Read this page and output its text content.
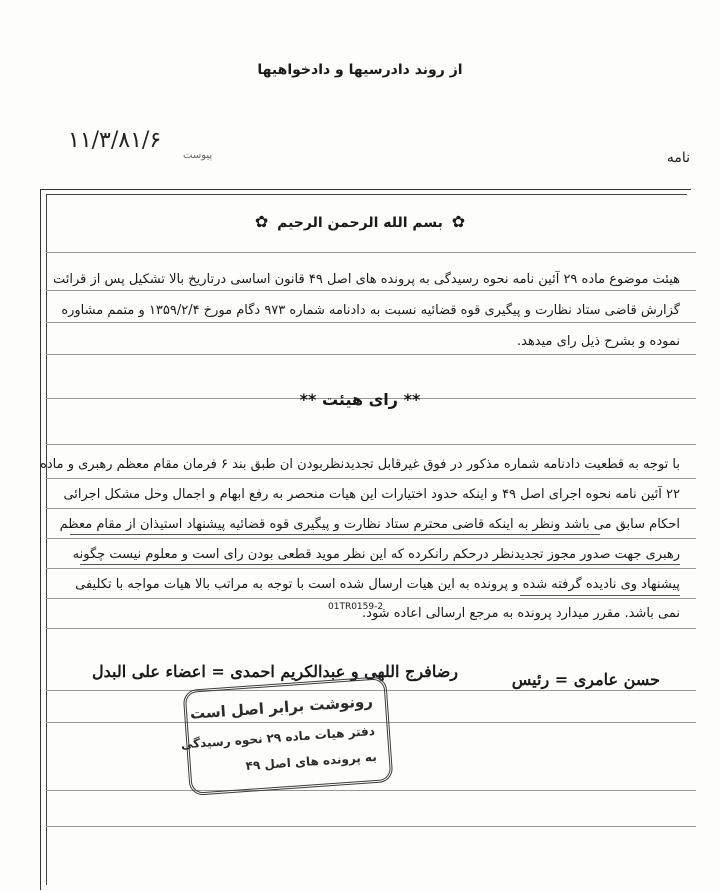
از روند دادرسیها و دادخواهیها
۱۱/۳/۸۱/۶
پیوست	نامه
✿ بسم الله الرحمن الرحیم ✿
هیئت موضوع ماده ۲۹ آئین نامه نحوه رسیدگی به پرونده های اصل ۴۹ قانون اساسی درتاریخ بالا تشکیل پس از قرائت
گزارش قاضی ستاد نظارت و پیگیری قوه قضائیه نسبت به دادنامه شماره ۹۷۳ دگام مورخ ۱۳۵۹/۲/۴ و متمم مشاوره
نموده و بشرح ذیل رای میدهد.
** رای هیئت **
با توجه به قطعیت دادنامه شماره مذکور در فوق غیرقابل تجدیدنظربودن ان طبق بند ۶ فرمان مقام معظم رهبری و ماده
۲۲ آئین نامه نحوه اجرای اصل ۴۹ و اینکه حدود اختیارات این هیات منحصر به رفع ابهام و اجمال وحل مشکل اجرائی
احکام سابق می باشد ونظر به اینکه قاضی محترم ستاد نظارت و پیگیری قوه قضائیه پیشنهاد استیذان از مقام معظم
رهبری جهت صدور مجوز تجدیدنظر درحکم رانکرده که این نظر موید قطعی بودن رای است و معلوم نیست چگونه
پیشنهاد وی نادیده گرفته شده و پرونده به این هیات ارسال شده است با توجه به مراتب بالا هیات مواجه با تکلیفی
نمی باشد. مقرر میدارد پرونده به مرجع ارسالی اعاده شود.
01TR0159-2
رضافرج اللهی و عبدالکریم احمدی = اعضاء علی البدل	حسن عامری = رئیس
رونوشت برابر اصل است
دفتر هیات ماده ۲۹ نحوه رسیدگی
به پرونده های اصل ۴۹
